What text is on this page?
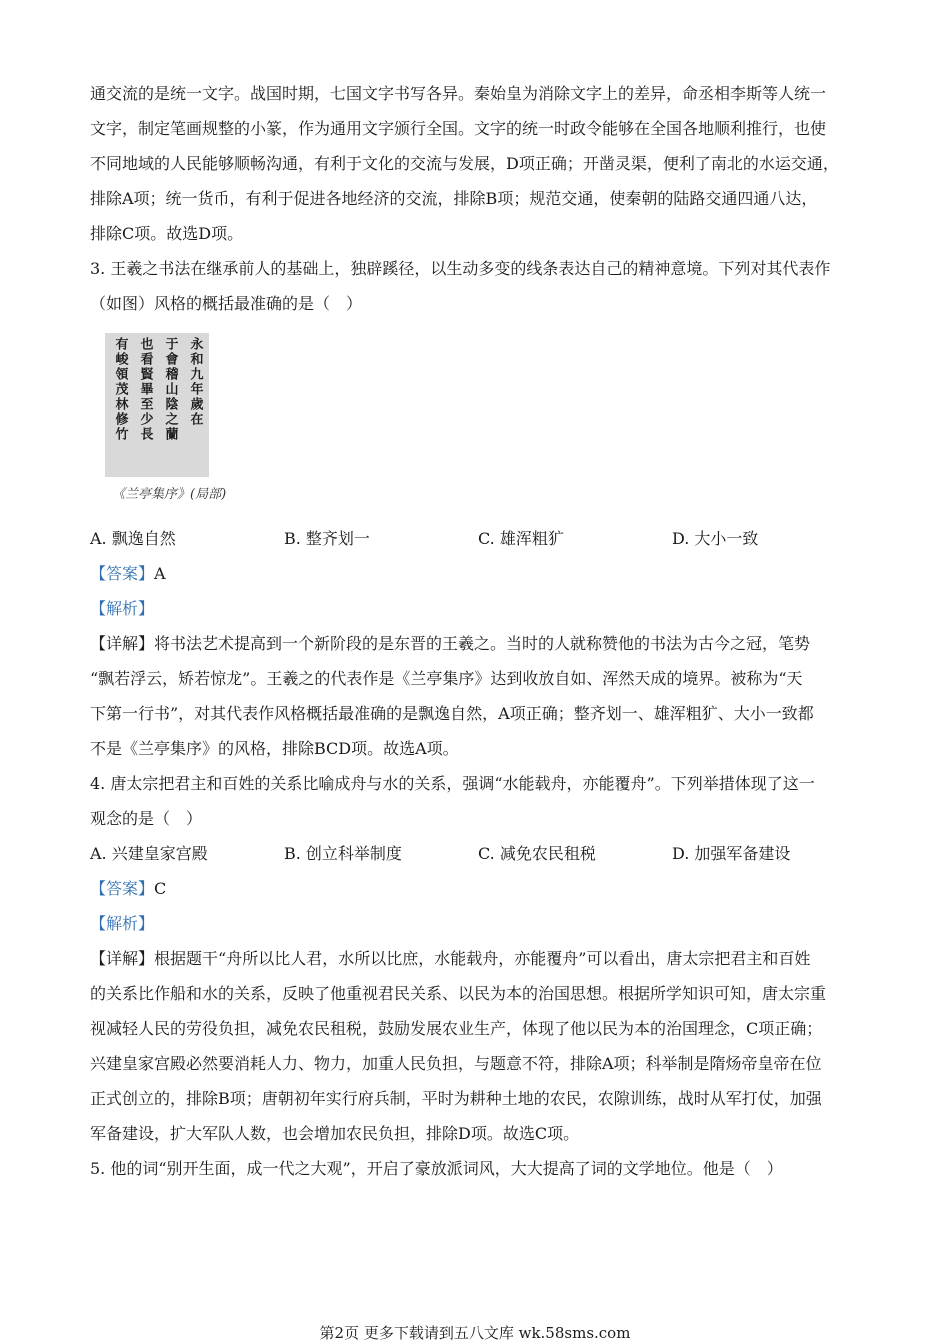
通交流的是统一文字。战国时期，七国文字书写各异。秦始皇为消除文字上的差异，命丞相李斯等人统一
文字，制定笔画规整的小篆，作为通用文字颁行全国。文字的统一时政令能够在全国各地顺利推行，也使
不同地域的人民能够顺畅沟通，有利于文化的交流与发展，D项正确；开凿灵渠，便利了南北的水运交通，
排除A项；统一货币，有利于促进各地经济的交流，排除B项；规范交通，使秦朝的陆路交通四通八达，
排除C项。故选D项。
3. 王羲之书法在继承前人的基础上，独辟蹊径，以生动多变的线条表达自己的精神意境。下列对其代表作
（如图）风格的概括最准确的是（　）
永和九年歲在
于會稽山陰之蘭
也看賢畢至少長
有峻領茂林修竹
《兰亭集序》(局部)
A. 飘逸自然	B. 整齐划一	C. 雄浑粗犷	D. 大小一致
【答案】A
【解析】
【详解】将书法艺术提高到一个新阶段的是东晋的王羲之。当时的人就称赞他的书法为古今之冠，笔势
“飘若浮云，矫若惊龙”。王羲之的代表作是《兰亭集序》达到收放自如、浑然天成的境界。被称为“天
下第一行书”，对其代表作风格概括最准确的是飘逸自然，A项正确；整齐划一、雄浑粗犷、大小一致都
不是《兰亭集序》的风格，排除BCD项。故选A项。
4. 唐太宗把君主和百姓的关系比喻成舟与水的关系，强调“水能载舟，亦能覆舟”。下列举措体现了这一
观念的是（　）
A. 兴建皇家宫殿	B. 创立科举制度	C. 减免农民租税	D. 加强军备建设
【答案】C
【解析】
【详解】根据题干“舟所以比人君，水所以比庶，水能载舟，亦能覆舟”可以看出，唐太宗把君主和百姓
的关系比作船和水的关系，反映了他重视君民关系、以民为本的治国思想。根据所学知识可知，唐太宗重
视减轻人民的劳役负担，减免农民租税，鼓励发展农业生产，体现了他以民为本的治国理念，C项正确；
兴建皇家宫殿必然要消耗人力、物力，加重人民负担，与题意不符，排除A项；科举制是隋炀帝皇帝在位
正式创立的，排除B项；唐朝初年实行府兵制，平时为耕种土地的农民，农隙训练，战时从军打仗，加强
军备建设，扩大军队人数，也会增加农民负担，排除D项。故选C项。
5. 他的词“别开生面，成一代之大观”，开启了豪放派词风，大大提高了词的文学地位。他是（　）
第2页 更多下载请到五八文库 wk.58sms.com
